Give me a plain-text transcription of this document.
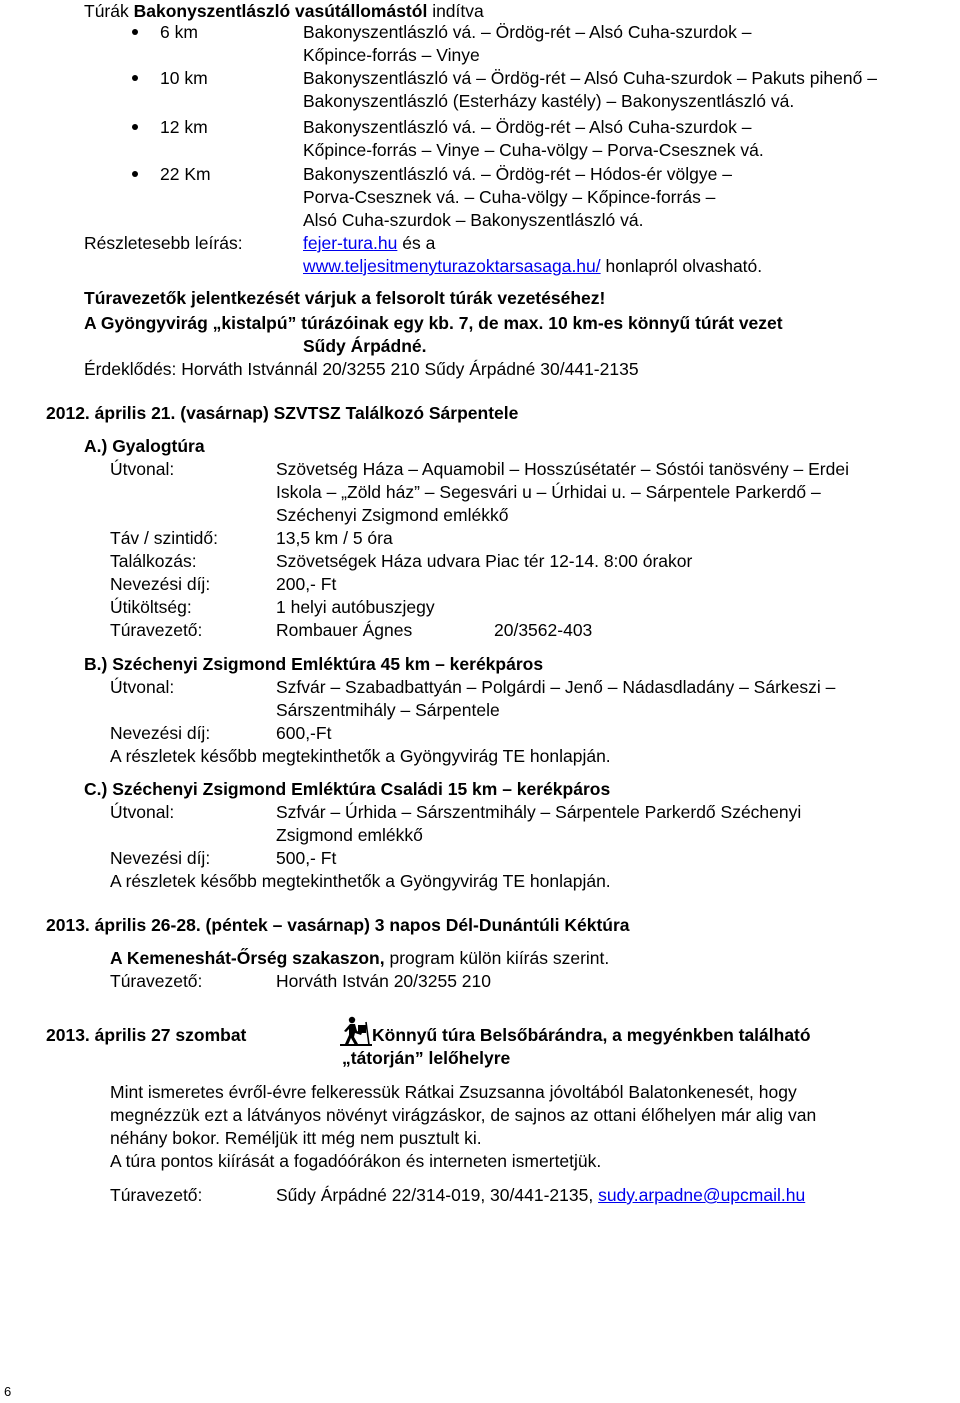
Túrák Bakonyszentlászló vasútállomástól indítva
6 km	Bakonyszentlászló vá. – Ördög-rét – Alsó Cuha-szurdok –
Kőpince-forrás – Vinye
10 km	Bakonyszentlászló vá – Ördög-rét – Alsó Cuha-szurdok – Pakuts pihenő –
Bakonyszentlászló (Esterházy kastély) – Bakonyszentlászló vá.
12 km	Bakonyszentlászló vá. – Ördög-rét – Alsó Cuha-szurdok –
Kőpince-forrás – Vinye – Cuha-völgy – Porva-Csesznek vá.
22 Km	Bakonyszentlászló vá. – Ördög-rét – Hódos-ér völgye –
Porva-Csesznek vá. – Cuha-völgy – Kőpince-forrás –
Alsó Cuha-szurdok – Bakonyszentlászló vá.
Részletesebb leírás:	fejer-tura.hu és a
www.teljesitmenyturazoktarsasaga.hu/ honlapról olvasható.
Túravezetők jelentkezését várjuk a felsorolt túrák vezetéséhez!
A Gyöngyvirág „kistalpú” túrázóinak egy kb. 7, de max. 10 km-es könnyű túrát vezet
Sűdy Árpádné.
Érdeklődés: Horváth Istvánnál 20/3255 210 Sűdy Árpádné 30/441-2135
2012. április 21. (vasárnap) SZVTSZ Találkozó Sárpentele
A.) Gyalogtúra
Útvonal:	Szövetség Háza – Aquamobil – Hosszúsétatér – Sóstói tanösvény – Erdei
Iskola – „Zöld ház” – Segesvári u – Úrhidai u. – Sárpentele Parkerdő –
Széchenyi Zsigmond emlékkő
Táv / szintidő:	13,5 km / 5 óra
Találkozás:	Szövetségek Háza udvara Piac tér 12-14. 8:00 órakor
Nevezési díj:	200,- Ft
Útiköltség:	1 helyi autóbuszjegy
Túravezető:	Rombauer Ágnes	20/3562-403
B.) Széchenyi Zsigmond Emléktúra 45 km – kerékpáros
Útvonal:	Szfvár – Szabadbattyán – Polgárdi – Jenő – Nádasdladány – Sárkeszi –
Sárszentmihály – Sárpentele
Nevezési díj:	600,-Ft
A részletek később megtekinthetők a Gyöngyvirág TE honlapján.
C.) Széchenyi Zsigmond Emléktúra Családi 15 km – kerékpáros
Útvonal:	Szfvár – Úrhida – Sárszentmihály – Sárpentele Parkerdő Széchenyi
Zsigmond emlékkő
Nevezési díj:	500,- Ft
A részletek később megtekinthetők a Gyöngyvirág TE honlapján.
2013. április 26-28. (péntek – vasárnap) 3 napos Dél-Dunántúli Kéktúra
A Kemeneshát-Őrség szakaszon, program külön kiírás szerint.
Túravezető:	Horváth István 20/3255 210
2013. április 27 szombat	Könnyű túra Belsőbárándra, a megyénkben található
„tátorján” lelőhelyre
Mint ismeretes évről-évre felkeressük Rátkai Zsuzsanna jóvoltából Balatonkenesét, hogy
megnézzük ezt a látványos növényt virágzáskor, de sajnos az ottani élőhelyen már alig van
néhány bokor. Reméljük itt még nem pusztult ki.
A túra pontos kiírását a fogadóórákon és interneten ismertetjük.
Túravezető:	Sűdy Árpádné 22/314-019, 30/441-2135, sudy.arpadne@upcmail.hu
6
